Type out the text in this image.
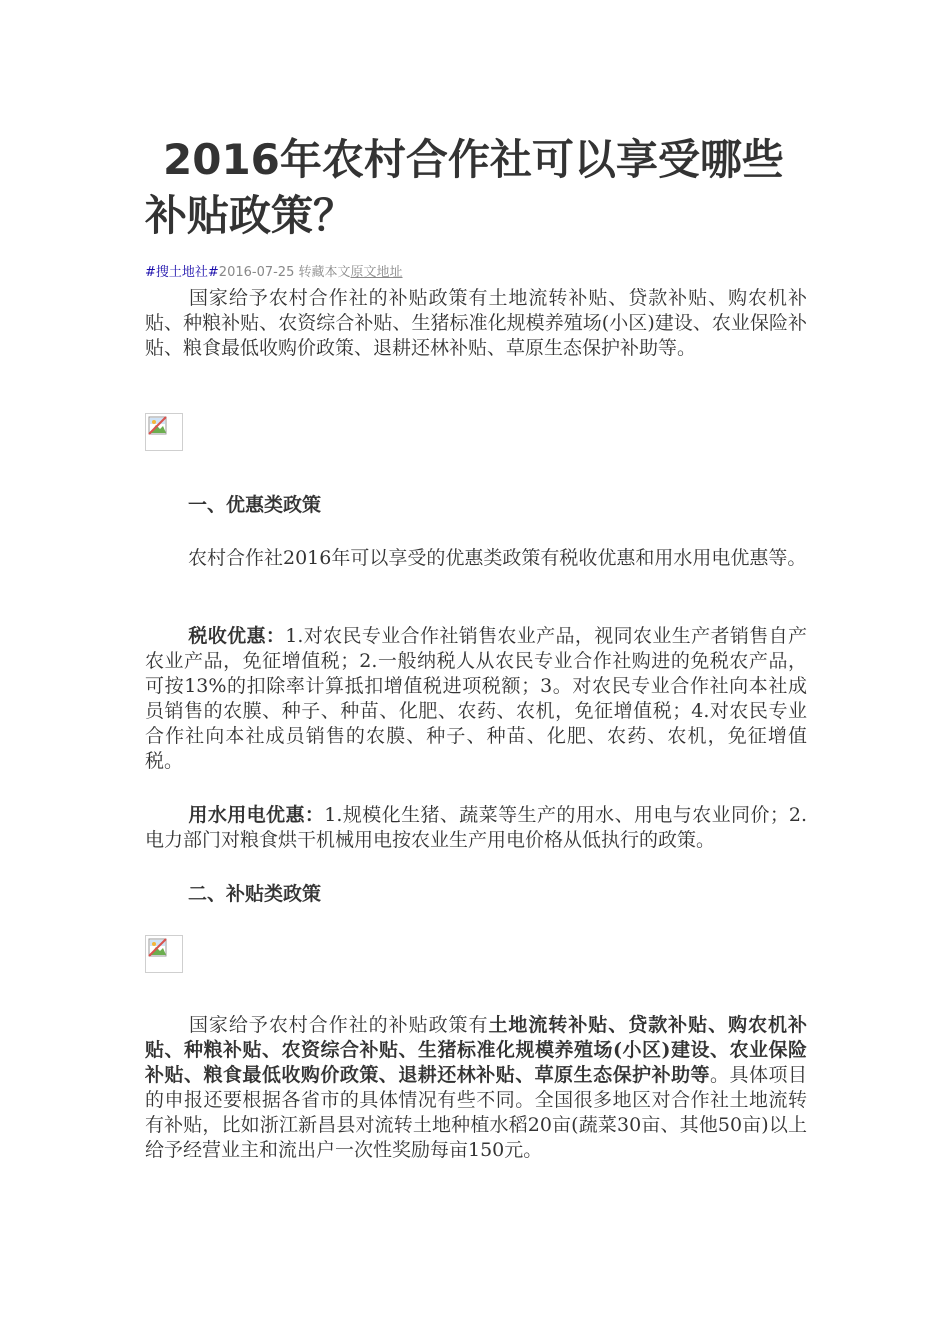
2016年农村合作社可以享受哪些补贴政策？
#搜土地社#2016-07-25 转藏本文原文地址

国家给予农村合作社的补贴政策有土地流转补贴、贷款补贴、购农机补贴、种粮补贴、农资综合补贴、生猪标准化规模养殖场(小区)建设、农业保险补贴、粮食最低收购价政策、退耕还林补贴、草原生态保护补助等。

一、优惠类政策

农村合作社2016年可以享受的优惠类政策有税收优惠和用水用电优惠等。

税收优惠：1.对农民专业合作社销售农业产品，视同农业生产者销售自产农业产品，免征增值税；2.一般纳税人从农民专业合作社购进的免税农产品，可按13%的扣除率计算抵扣增值税进项税额；3。对农民专业合作社向本社成员销售的农膜、种子、种苗、化肥、农药、农机，免征增值税；4.对农民专业合作社向本社成员销售的农膜、种子、种苗、化肥、农药、农机，免征增值税。

用水用电优惠：1.规模化生猪、蔬菜等生产的用水、用电与农业同价；2.电力部门对粮食烘干机械用电按农业生产用电价格从低执行的政策。

二、补贴类政策

国家给予农村合作社的补贴政策有土地流转补贴、贷款补贴、购农机补贴、种粮补贴、农资综合补贴、生猪标准化规模养殖场(小区)建设、农业保险补贴、粮食最低收购价政策、退耕还林补贴、草原生态保护补助等。具体项目的申报还要根据各省市的具体情况有些不同。全国很多地区对合作社土地流转有补贴，比如浙江新昌县对流转土地种植水稻20亩(蔬菜30亩、其他50亩)以上给予经营业主和流出户一次性奖励每亩150元。
